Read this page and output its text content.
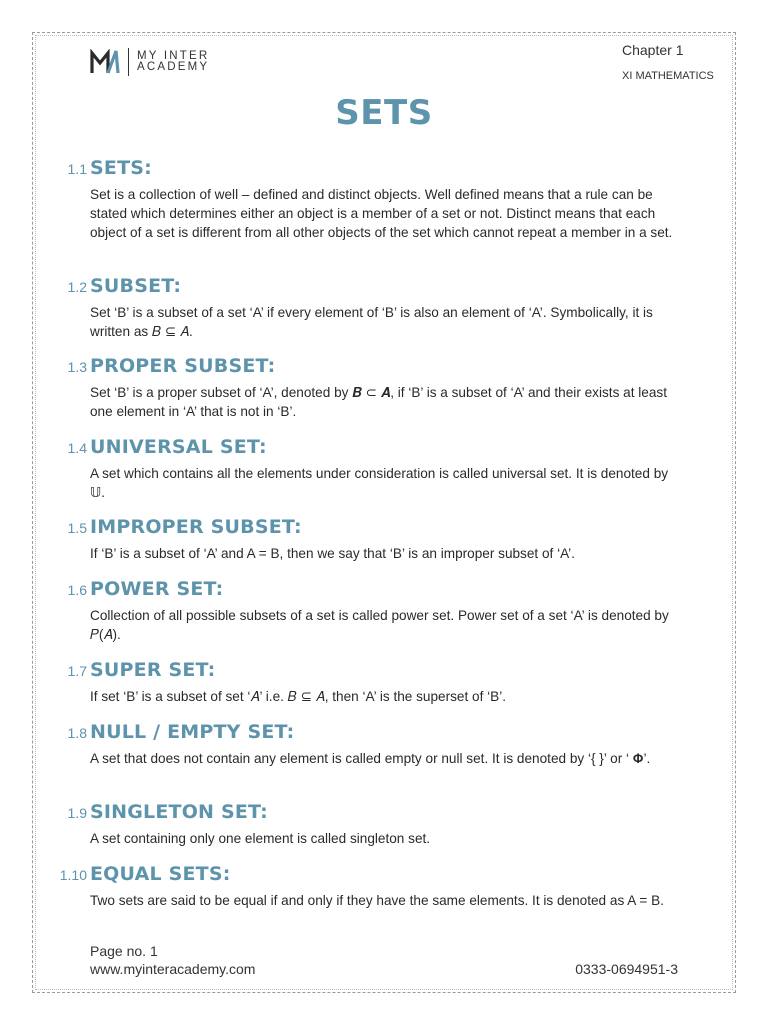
MY INTER
ACADEMY
Chapter 1
XI MATHEMATICS
SETS
1.1 SETS:
Set is a collection of well – defined and distinct objects. Well defined means that a rule can be stated which determines either an object is a member of a set or not. Distinct means that each object of a set is different from all other objects of the set which cannot repeat a member in a set.
1.2 SUBSET:
Set ‘B’ is a subset of a set ‘A’ if every element of ‘B’ is also an element of ‘A’. Symbolically, it is written as 𝐵 ⊆ 𝐴.
1.3 PROPER SUBSET:
Set ‘B’ is a proper subset of ‘A’, denoted by 𝑩 ⊂ 𝑨, if ‘B’ is a subset of ‘A’ and their exists at least one element in ‘A’ that is not in ‘B’.
1.4 UNIVERSAL SET:
A set which contains all the elements under consideration is called universal set. It is denoted by 𝕌.
1.5 IMPROPER SUBSET:
If ‘B’ is a subset of ‘A’ and A = B, then we say that ‘B’ is an improper subset of ‘A’.
1.6 POWER SET:
Collection of all possible subsets of a set is called power set. Power set of a set ‘A’ is denoted by 𝑃(𝐴).
1.7 SUPER SET:
If set ‘B’ is a subset of set ‘𝐴’ i.e. 𝐵 ⊆ 𝐴, then ‘A’ is the superset of ‘B’.
1.8 NULL / EMPTY SET:
A set that does not contain any element is called empty or null set. It is denoted by ‘{ }’ or ‘ 𝚽’.
1.9 SINGLETON SET:
A set containing only one element is called singleton set.
1.10 EQUAL SETS:
Two sets are said to be equal if and only if they have the same elements. It is denoted as A = B.
Page no. 1
www.myinteracademy.com	0333-0694951-3
